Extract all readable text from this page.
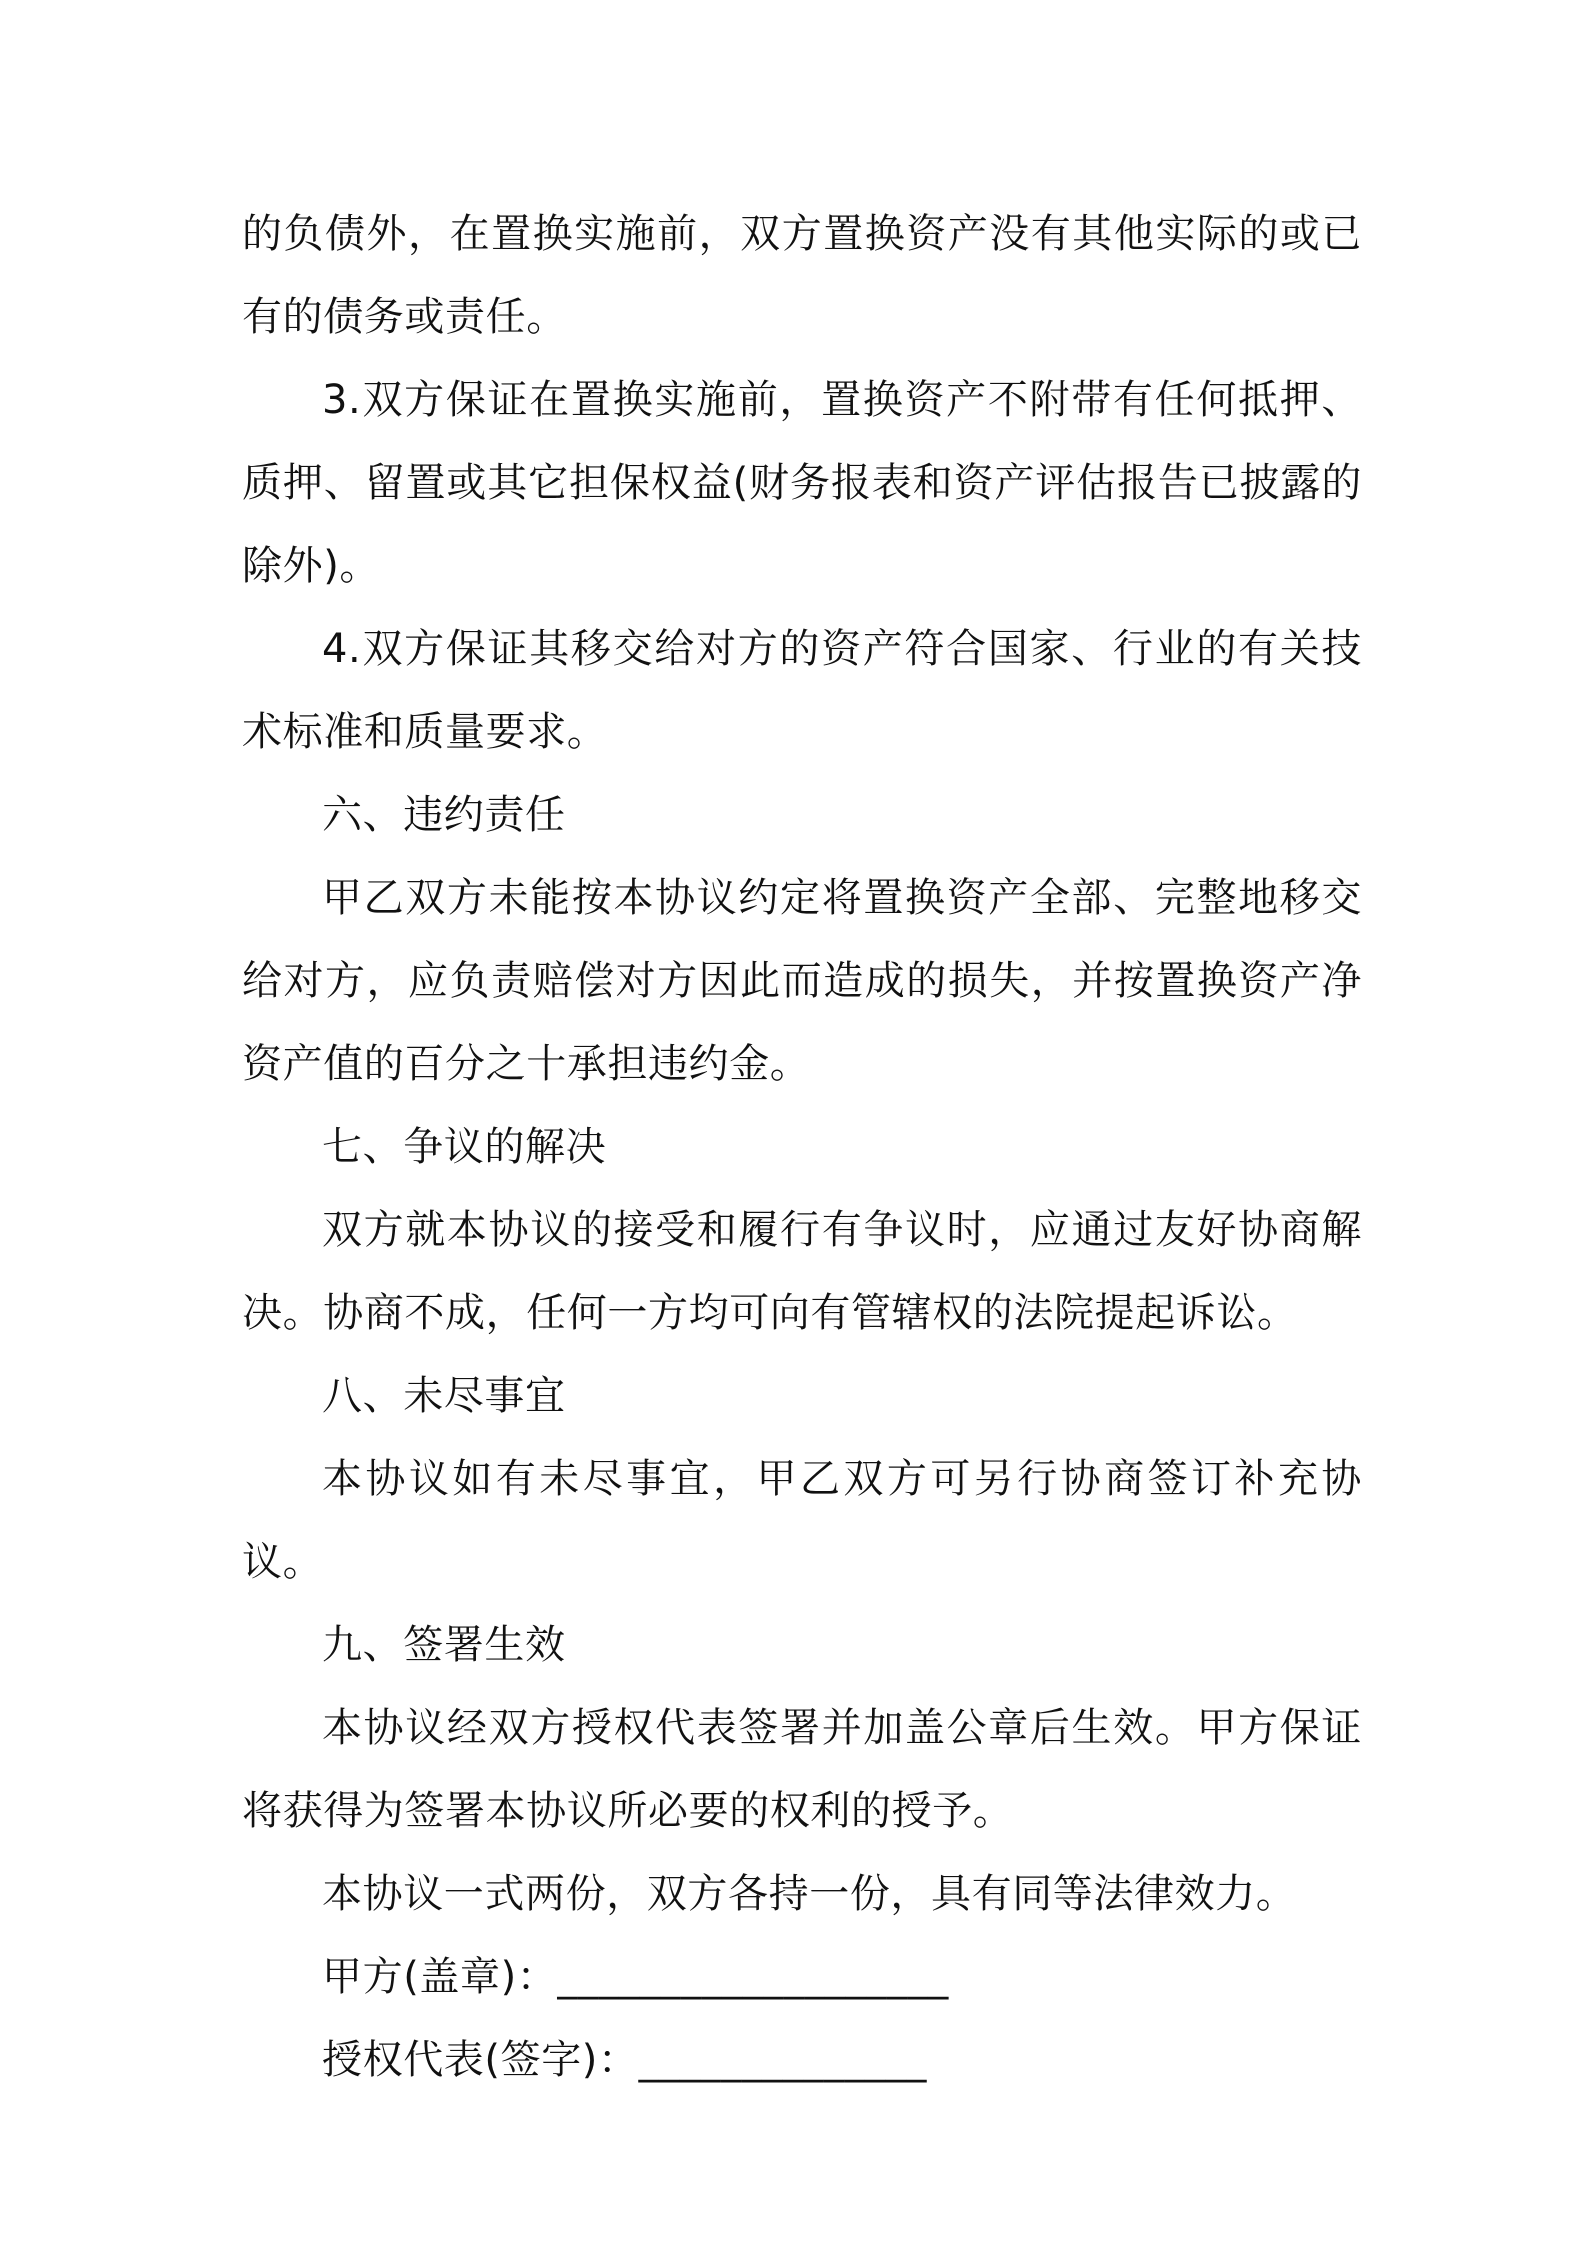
的负债外，在置换实施前，双方置换资产没有其他实际的或已有的债务或责任。

3.双方保证在置换实施前，置换资产不附带有任何抵押、质押、留置或其它担保权益(财务报表和资产评估报告已披露的除外)。

4.双方保证其移交给对方的资产符合国家、行业的有关技术标准和质量要求。

六、违约责任

甲乙双方未能按本协议约定将置换资产全部、完整地移交给对方，应负责赔偿对方因此而造成的损失，并按置换资产净资产值的百分之十承担违约金。

七、争议的解决

双方就本协议的接受和履行有争议时，应通过友好协商解决。协商不成，任何一方均可向有管辖权的法院提起诉讼。

八、未尽事宜

本协议如有未尽事宜，甲乙双方可另行协商签订补充协议。

九、签署生效

本协议经双方授权代表签署并加盖公章后生效。甲方保证将获得为签署本协议所必要的权利的授予。

本协议一式两份，双方各持一份，具有同等法律效力。

甲方(盖章)：___________________

授权代表(签字)：______________
